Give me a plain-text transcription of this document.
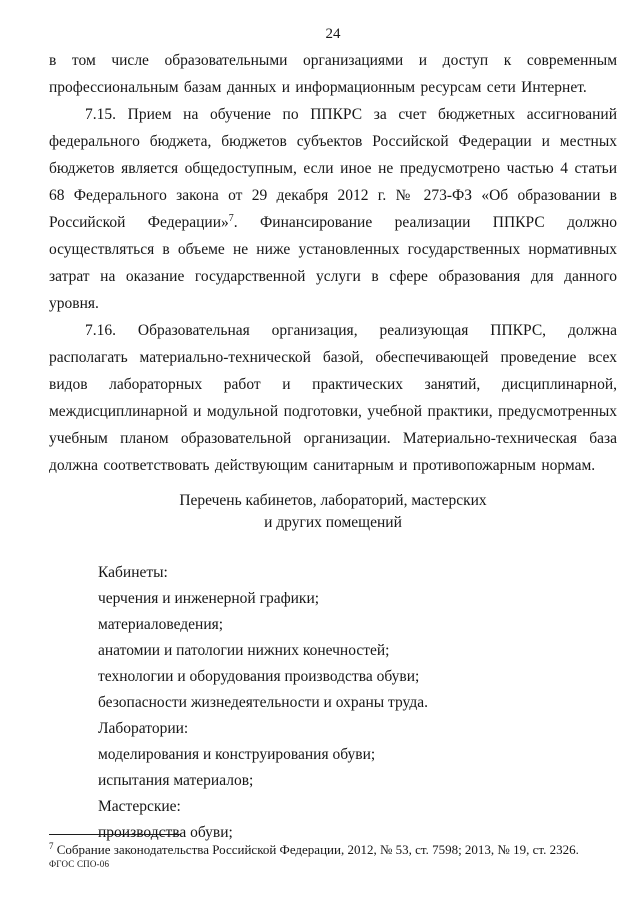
24

в том числе образовательными организациями и доступ к современным профессиональным базам данных и информационным ресурсам сети Интернет.

7.15. Прием на обучение по ППКРС за счет бюджетных ассигнований федерального бюджета, бюджетов субъектов Российской Федерации и местных бюджетов является общедоступным, если иное не предусмотрено частью 4 статьи 68 Федерального закона от 29 декабря 2012 г. № 273-ФЗ «Об образовании в Российской Федерации»$^7$. Финансирование реализации ППКРС должно осуществляться в объеме не ниже установленных государственных нормативных затрат на оказание государственной услуги в сфере образования для данного уровня.

7.16. Образовательная организация, реализующая ППКРС, должна располагать материально-технической базой, обеспечивающей проведение всех видов лабораторных работ и практических занятий, дисциплинарной, междисциплинарной и модульной подготовки, учебной практики, предусмотренных учебным планом образовательной организации. Материально-техническая база должна соответствовать действующим санитарным и противопожарным нормам.

Перечень кабинетов, лабораторий, мастерских
и других помещений
Кабинеты:
черчения и инженерной графики;
материаловедения;
анатомии и патологии нижних конечностей;
технологии и оборудования производства обуви;
безопасности жизнедеятельности и охраны труда.
Лаборатории:
моделирования и конструирования обуви;
испытания материалов;
Мастерские:
производства обуви;

$^7$ Собрание законодательства Российской Федерации, 2012, № 53, ст. 7598; 2013, № 19, ст. 2326.

ФГОС СПО-06
